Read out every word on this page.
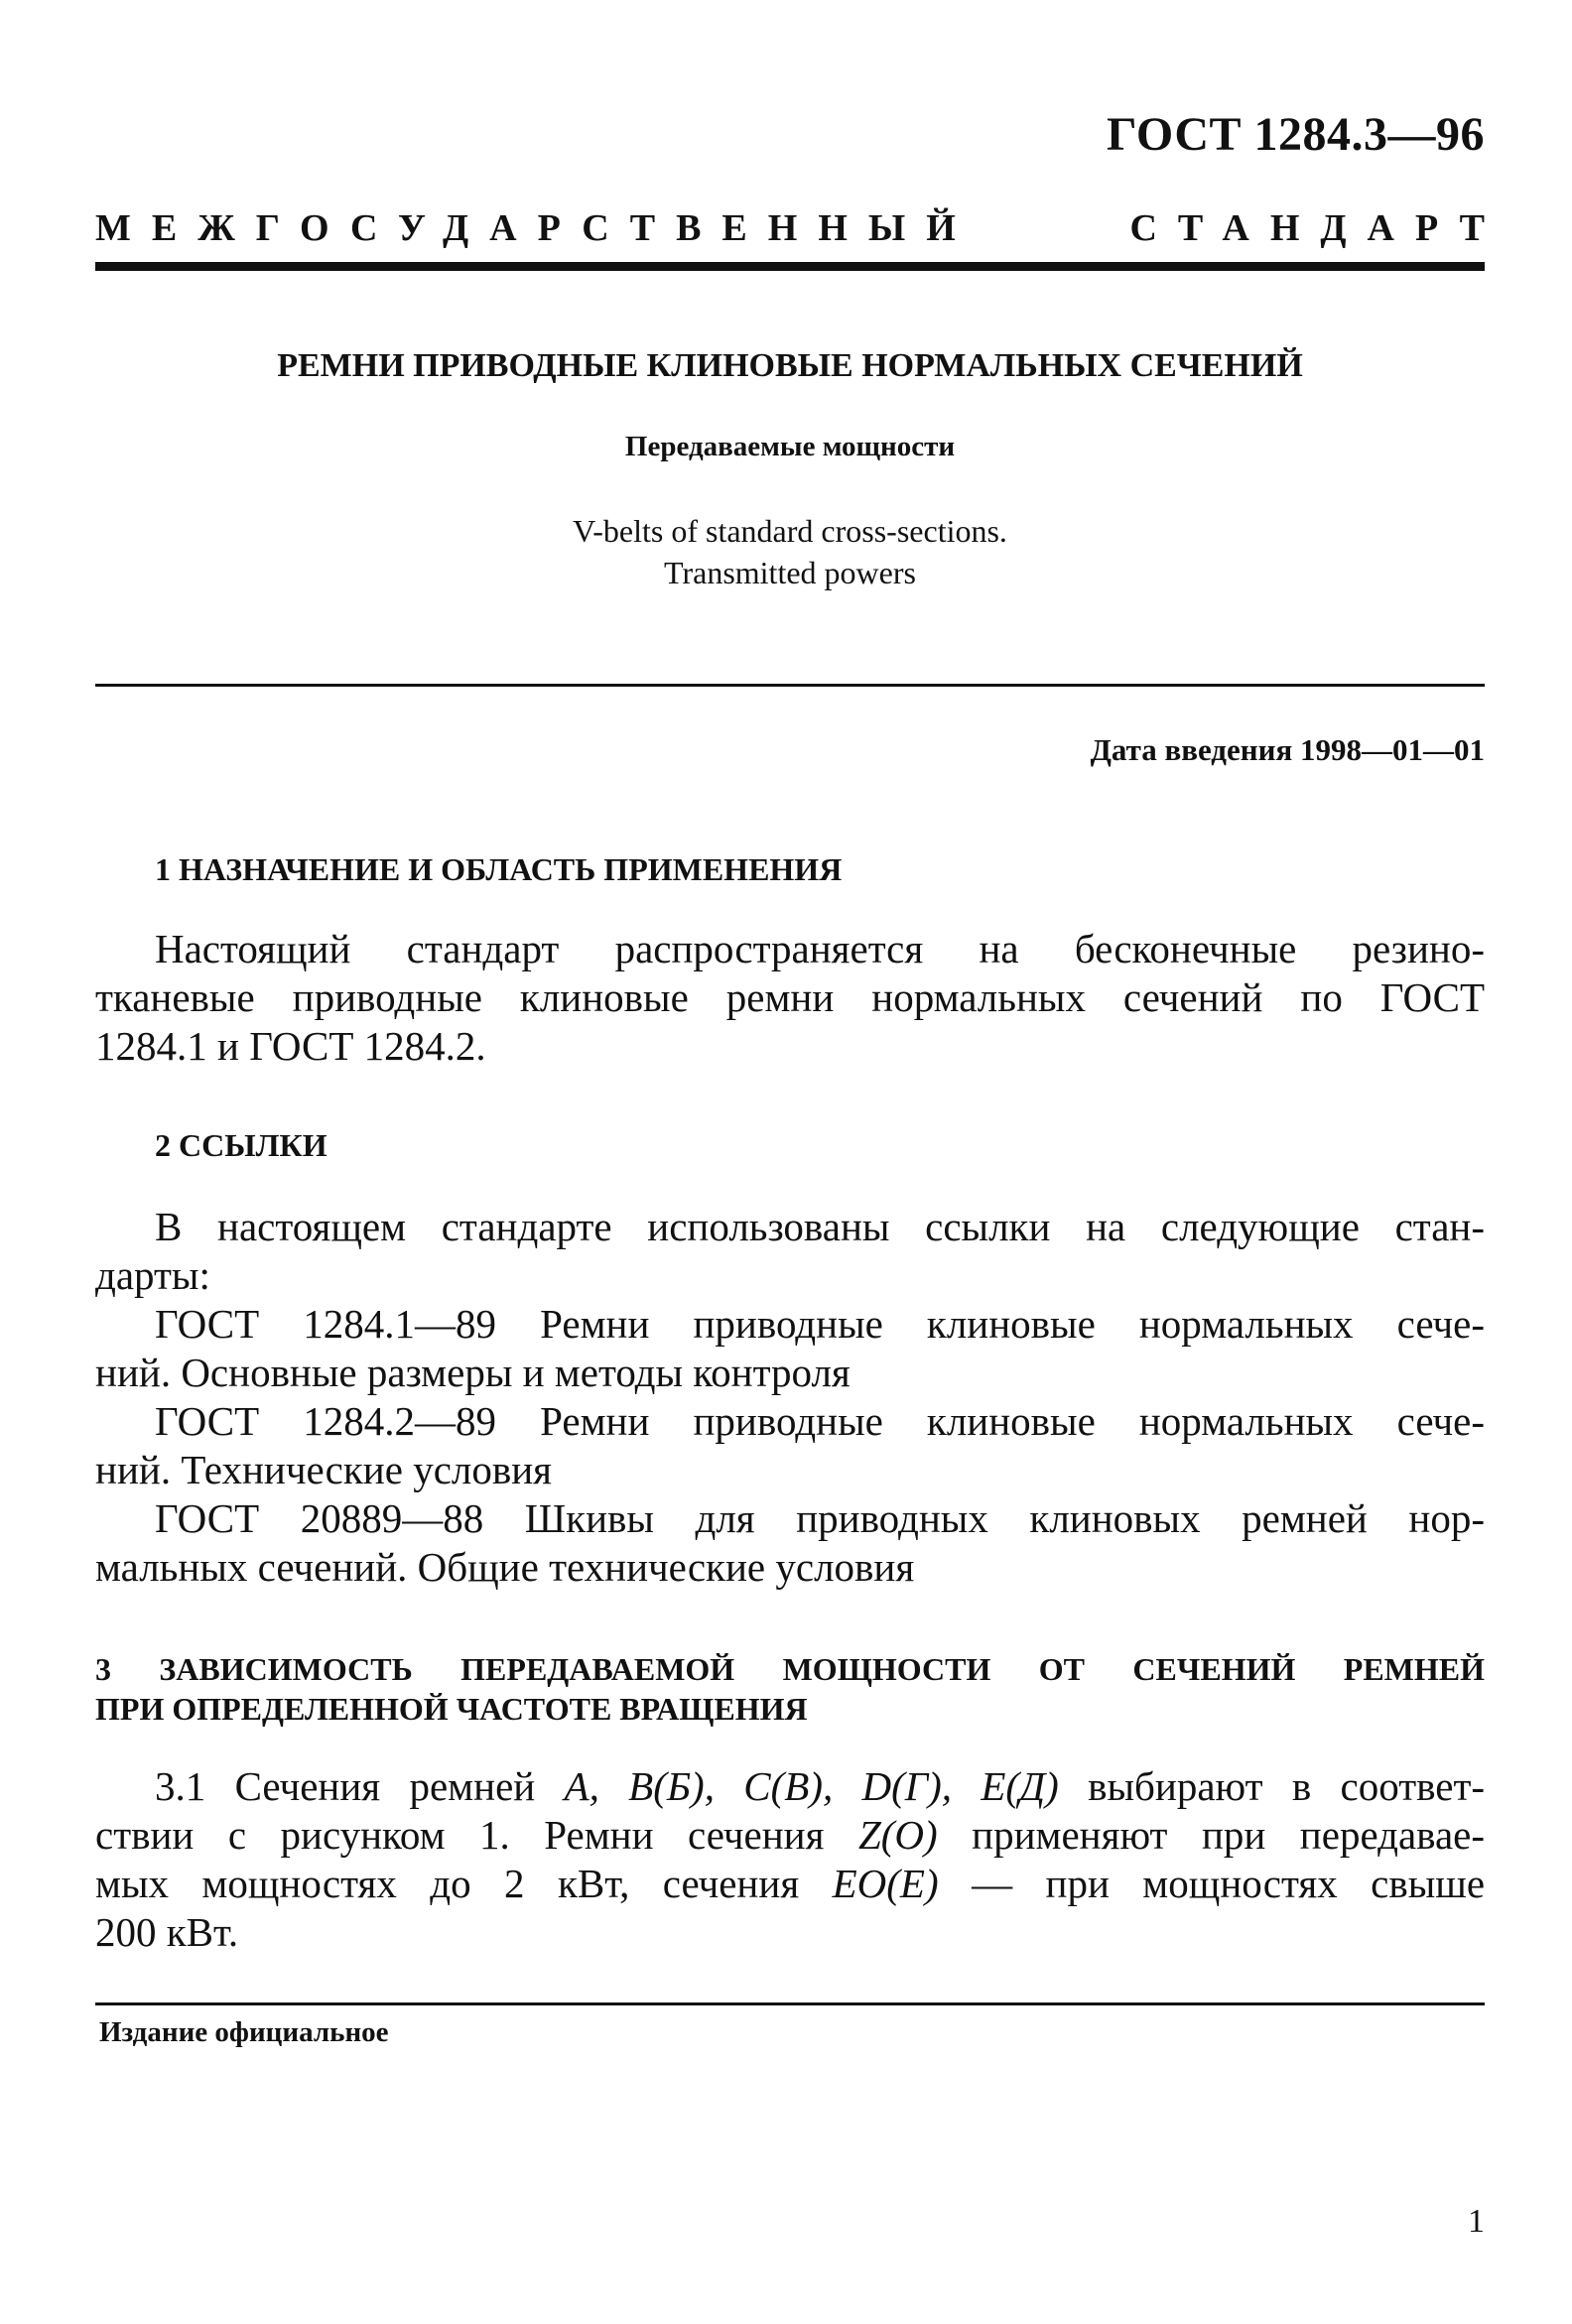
ГОСТ 1284.3—96
МЕЖГОСУДАРСТВЕННЫЙ	СТАНДАРТ
РЕМНИ ПРИВОДНЫЕ КЛИНОВЫЕ НОРМАЛЬНЫХ СЕЧЕНИЙ
Передаваемые мощности
V-belts of standard cross-sections.
Transmitted powers
Дата введения 1998—01—01
1 НАЗНАЧЕНИЕ И ОБЛАСТЬ ПРИМЕНЕНИЯ
Настоящий стандарт распространяется на бесконечные резино-
тканевые приводные клиновые ремни нормальных сечений по ГОСТ
1284.1 и ГОСТ 1284.2.
2 ССЫЛКИ
В настоящем стандарте использованы ссылки на следующие стан-
дарты:
ГОСТ 1284.1—89 Ремни приводные клиновые нормальных сече-
ний. Основные размеры и методы контроля
ГОСТ 1284.2—89 Ремни приводные клиновые нормальных сече-
ний. Технические условия
ГОСТ 20889—88 Шкивы для приводных клиновых ремней нор-
мальных сечений. Общие технические условия
3 ЗАВИСИМОСТЬ ПЕРЕДАВАЕМОЙ МОЩНОСТИ ОТ СЕЧЕНИЙ РЕМНЕЙ
ПРИ ОПРЕДЕЛЕННОЙ ЧАСТОТЕ ВРАЩЕНИЯ
3.1 Сечения ремней A, B(Б), C(B), D(Г), E(Д) выбирают в соответ-
ствии с рисунком 1. Ремни сечения Z(O) применяют при передавае-
мых мощностях до 2 кВт, сечения EO(E) — при мощностях свыше
200 кВт.
Издание официальное
1
